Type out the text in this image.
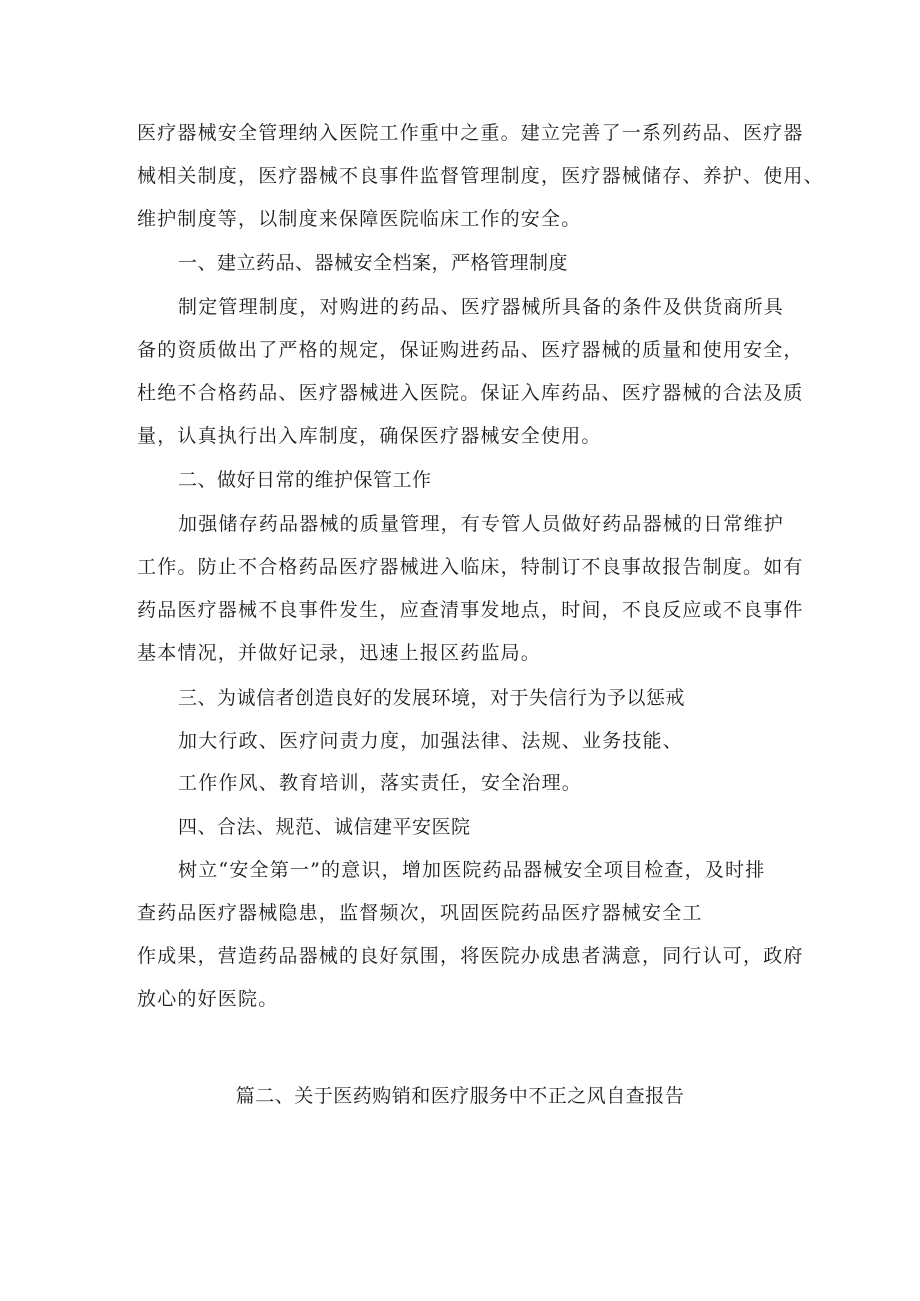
医疗器械安全管理纳入医院工作重中之重。建立完善了一系列药品、医疗器
械相关制度，医疗器械不良事件监督管理制度，医疗器械储存、养护、使用、
维护制度等，以制度来保障医院临床工作的安全。
一、建立药品、器械安全档案，严格管理制度
制定管理制度，对购进的药品、医疗器械所具备的条件及供货商所具
备的资质做出了严格的规定，保证购进药品、医疗器械的质量和使用安全，
杜绝不合格药品、医疗器械进入医院。保证入库药品、医疗器械的合法及质
量，认真执行出入库制度，确保医疗器械安全使用。
二、做好日常的维护保管工作
加强储存药品器械的质量管理，有专管人员做好药品器械的日常维护
工作。防止不合格药品医疗器械进入临床，特制订不良事故报告制度。如有
药品医疗器械不良事件发生，应查清事发地点，时间，不良反应或不良事件
基本情况，并做好记录，迅速上报区药监局。
三、为诚信者创造良好的发展环境，对于失信行为予以惩戒
加大行政、医疗问责力度，加强法律、法规、业务技能、
工作作风、教育培训，落实责任，安全治理。
四、合法、规范、诚信建平安医院
树立“安全第一”的意识，增加医院药品器械安全项目检查，及时排
查药品医疗器械隐患，监督频次，巩固医院药品医疗器械安全工
作成果，营造药品器械的良好氛围，将医院办成患者满意，同行认可，政府
放心的好医院。
篇二、关于医药购销和医疗服务中不正之风自查报告
